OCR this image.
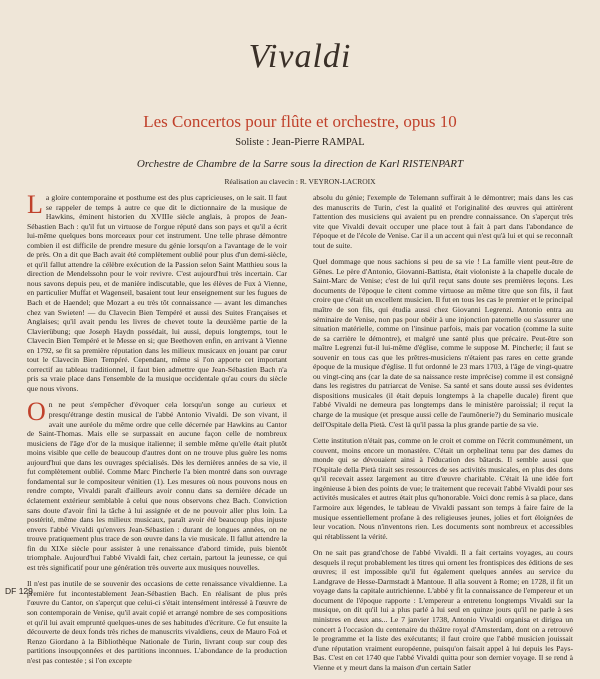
Vivaldi
Les Concertos pour flûte et orchestre, opus 10
Soliste : Jean-Pierre RAMPAL
Orchestre de Chambre de la Sarre sous la direction de Karl RISTENPART
Réalisation au clavecin : R. VEYRON-LACROIX

L a gloire contemporaine et posthume est des plus capricieuses, on le sait. Il faut se rappeler de temps à autre ce que dit le dictionnaire de la musique de Hawkins, éminent historien du XVIIIe siècle anglais, à propos de Jean-Sébastien Bach : qu'il fut un virtuose de l'orgue réputé dans son pays et qu'il a écrit lui-même quelques bons morceaux pour cet instrument. Une telle phrase démontre combien il est difficile de prendre mesure du génie lorsqu'on a l'avantage de le voir de près. On a dit que Bach avait été complètement oublié pour plus d'un demi-siècle, et qu'il fallut attendre la célèbre exécution de la Passion selon Saint Matthieu sous la direction de Mendelssohn pour le voir revivre. C'est aujourd'hui très incertain. Car nous savons depuis peu, et de manière indiscutable, que les élèves de Fux à Vienne, en particulier Muffat et Wagenseil, basaient tout leur enseignement sur les fugues de Bach et de Haendel; que Mozart a eu très tôt connaissance — avant les dimanches chez van Swieten! — du Clavecin Bien Tempéré et aussi des Suites Françaises et Anglaises; qu'il avait pendu les livres de chevet toute la deuxième partie de la Clavierübung; que Joseph Haydn possédait, lui aussi, depuis longtemps, tout le Clavecin Bien Tempéré et le Messe en si; que Beethoven enfin, en arrivant à Vienne en 1792, se fit sa première réputation dans les milieux musicaux en jouant par cœur tout le Clavecin Bien Tempéré. Cependant, même si l'on apporte cet important correctif au tableau traditionnel, il faut bien admettre que Jean-Sébastien Bach n'a pris sa vraie place dans l'ensemble de la musique occidentale qu'au cours du siècle que nous vivons.

O n ne peut s'empêcher d'évoquer cela lorsqu'un songe au curieux et presqu'étrange destin musical de l'abbé Antonio Vivaldi. De son vivant, il avait une auréole du même ordre que celle décernée par Hawkins au Cantor de Saint-Thomas. Mais elle se surpassait en aucune façon celle de nombreux musiciens de l'âge d'or de la musique italienne; il semble même qu'elle était plutôt moins visible que celle de beaucoup d'autres dont on ne trouve plus guère les noms aujourd'hui que dans les ouvrages spécialisés. Dès les dernières années de sa vie, il fut complètement oublié. Comme Marc Pincherle l'a bien montré dans son ouvrage fondamental sur le compositeur vénitien (1). Les mesures où nous pouvons nous en rendre compte, Vivaldi paraît d'ailleurs avoir connu dans sa dernière décade un éclatement extérieur semblable à celui que nous observons chez Bach. Conviction sans doute d'avoir fini la tâche à lui assignée et de ne pouvoir aller plus loin. La postérité, même dans les milieux musicaux, paraît avoir été beaucoup plus injuste envers l'abbé Vivaldi qu'envers Jean-Sébastien : durant de longues années, on ne trouve pratiquement plus trace de son œuvre dans la vie musicale. Il fallut attendre la fin du XIXe siècle pour assister à une renaissance d'abord timide, puis bientôt triomphale. Aujourd'hui l'abbé Vivaldi fait, chez certain, partout la jeunesse, ce qui est très significatif pour une génération très ouverte aux musiques nouvelles.

Il n'est pas inutile de se souvenir des occasions de cette renaissance vivaldienne. La première fut incontestablement Jean-Sébastien Bach. En réalisant de plus près l'œuvre du Cantor, on s'aperçut que celui-ci s'était intensément intéressé à l'œuvre de son contemporain de Venise, qu'il avait copié et arrangé nombre de ses compositions et qu'il lui avait emprunté quelques-unes de ses habitudes d'écriture. Ce fut ensuite la découverte de deux fonds très riches de manuscrits vivaldiens, ceux de Mauro Foà et Renzo Giordano à la Bibliothèque Nationale de Turin, livrant coup sur coup des partitions insoupçonnées et des partitions inconnues. L'abondance de la production n'est pas contestée ; si l'on excepte

absolu du génie; l'exemple de Telemann suffirait à le démontrer; mais dans les cas des manuscrits de Turin, c'est la qualité et l'originalité des œuvres qui attirèrent l'attention des musiciens qui avaient pu en prendre connaissance. On s'aperçut très vite que Vivaldi devait occuper une place tout à fait à part dans l'abondance de l'époque et de l'école de Venise. Car il a un accent qui n'est qu'à lui et qui se reconnaît tout de suite.

Quel dommage que nous sachions si peu de sa vie ! La famille vient peut-être de Gênes. Le père d'Antonio, Giovanni-Battista, était violoniste à la chapelle ducale de Saint-Marc de Venise; c'est de lui qu'il reçut sans doute ses premières leçons. Les documents de l'époque le citent comme virtuose au même titre que son fils, il faut croire que c'était un excellent musicien. Il fut en tous les cas le premier et le principal maître de son fils, qui étudia aussi chez Giovanni Legrenzi. Antonio entra au séminaire de Venise, non pas pour obéir à une injonction paternelle ou s'assurer une situation matérielle, comme on l'insinue parfois, mais par vocation (comme la suite de sa carrière le démontre), et malgré une santé plus que précaire. Peut-être son maître Legrenzi fut-il lui-même d'église, comme le suppose M. Pincherle; il faut se souvenir en tous cas que les prêtres-musiciens n'étaient pas rares en cette grande époque de la musique d'église. Il fut ordonné le 23 mars 1703, à l'âge de vingt-quatre ou vingt-cinq ans (car la date de sa naissance reste imprécise) comme il est consigné dans les registres du patriarcat de Venise. Sa santé et sans doute aussi ses évidentes dispositions musicales (il était depuis longtemps à la chapelle ducale) firent que l'abbé Vivaldi ne demeura pas longtemps dans le ministère paroissial; il reçut la charge de la musique (et presque aussi celle de l'aumônerie?) du Seminario musicale dell'Ospitale della Pietà. C'est là qu'il passa la plus grande partie de sa vie.

Cette institution n'était pas, comme on le croit et comme on l'écrit communément, un couvent, moins encore un monastère. C'était un orphelinat tenu par des dames du monde qui se dévouaient ainsi à l'éducation des bâtards. Il semble aussi que l'Ospitale della Pietà tirait ses ressources de ses activités musicales, en plus des dons qu'il recevait assez largement au titre d'œuvre charitable. C'était là une idée fort ingénieuse à bien des points de vue; le traitement que recevait l'abbé Vivaldi pour ses activités musicales et autres était plus qu'honorable. Voici donc remis à sa place, dans l'armoire aux légendes, le tableau de Vivaldi passant son temps à faire faire de la musique essentiellement profane à des religieuses jeunes, jolies et fort éloignées de leur vocation. Nous n'inventons rien. Les documents sont nombreux et accessibles qui rétablissent la vérité.

On ne sait pas grand'chose de l'abbé Vivaldi. Il a fait certains voyages, au cours desquels il reçut probablement les titres qui ornent les frontispices des éditions de ses œuvres; il est impossible qu'il fut également quelques années au service du Landgrave de Hesse-Darmstadt à Mantoue. Il alla souvent à Rome; en 1728, il fit un voyage dans la capitale autrichienne. L'abbé y fit la connaissance de l'empereur et un document de l'époque rapporte : L'empereur a entretenu longtemps Vivaldi sur la musique, on dit qu'il lui a plus parlé à lui seul en quinze jours qu'il ne parle à ses ministres en deux ans... Le 7 janvier 1738, Antonio Vivaldi organisa et dirigea un concert à l'occasion du centenaire du théâtre royal d'Amsterdam, dont on a retrouvé le programme et la liste des exécutants; il faut croire que l'abbé musicien jouissait d'une réputation vraiment européenne, puisqu'on faisait appel à lui depuis les Pays-Bas. C'est en cet 1740 que l'abbé Vivaldi quitta pour son dernier voyage. Il se rend à Vienne et y meurt dans la maison d'un certain Satler

DF 129
